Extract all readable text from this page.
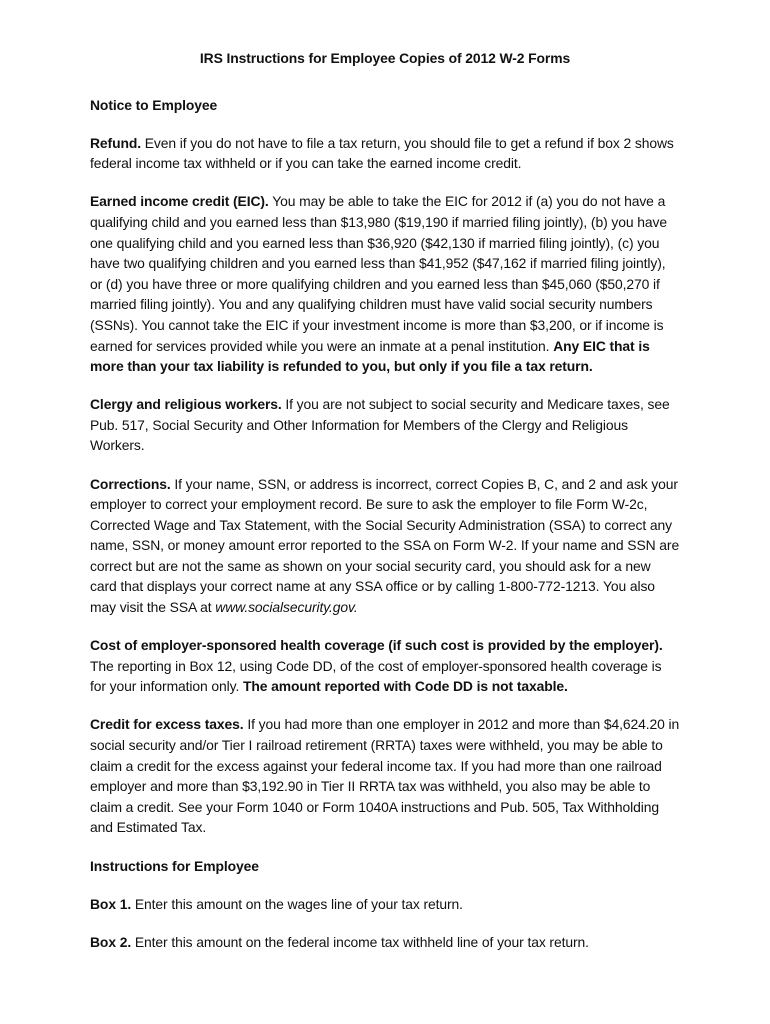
IRS Instructions for Employee Copies of 2012 W-2 Forms
Notice to Employee
Refund. Even if you do not have to file a tax return, you should file to get a refund if box 2 shows federal income tax withheld or if you can take the earned income credit.
Earned income credit (EIC). You may be able to take the EIC for 2012 if (a) you do not have a qualifying child and you earned less than $13,980 ($19,190 if married filing jointly), (b) you have one qualifying child and you earned less than $36,920 ($42,130 if married filing jointly), (c) you have two qualifying children and you earned less than $41,952 ($47,162 if married filing jointly), or (d) you have three or more qualifying children and you earned less than $45,060 ($50,270 if married filing jointly). You and any qualifying children must have valid social security numbers (SSNs). You cannot take the EIC if your investment income is more than $3,200, or if income is earned for services provided while you were an inmate at a penal institution. Any EIC that is more than your tax liability is refunded to you, but only if you file a tax return.
Clergy and religious workers. If you are not subject to social security and Medicare taxes, see Pub. 517, Social Security and Other Information for Members of the Clergy and Religious Workers.
Corrections. If your name, SSN, or address is incorrect, correct Copies B, C, and 2 and ask your employer to correct your employment record. Be sure to ask the employer to file Form W-2c, Corrected Wage and Tax Statement, with the Social Security Administration (SSA) to correct any name, SSN, or money amount error reported to the SSA on Form W-2. If your name and SSN are correct but are not the same as shown on your social security card, you should ask for a new card that displays your correct name at any SSA office or by calling 1-800-772-1213. You also may visit the SSA at www.socialsecurity.gov.
Cost of employer-sponsored health coverage (if such cost is provided by the employer). The reporting in Box 12, using Code DD, of the cost of employer-sponsored health coverage is for your information only. The amount reported with Code DD is not taxable.
Credit for excess taxes. If you had more than one employer in 2012 and more than $4,624.20 in social security and/or Tier I railroad retirement (RRTA) taxes were withheld, you may be able to claim a credit for the excess against your federal income tax. If you had more than one railroad employer and more than $3,192.90 in Tier II RRTA tax was withheld, you also may be able to claim a credit. See your Form 1040 or Form 1040A instructions and Pub. 505, Tax Withholding and Estimated Tax.
Instructions for Employee
Box 1. Enter this amount on the wages line of your tax return.
Box 2. Enter this amount on the federal income tax withheld line of your tax return.
